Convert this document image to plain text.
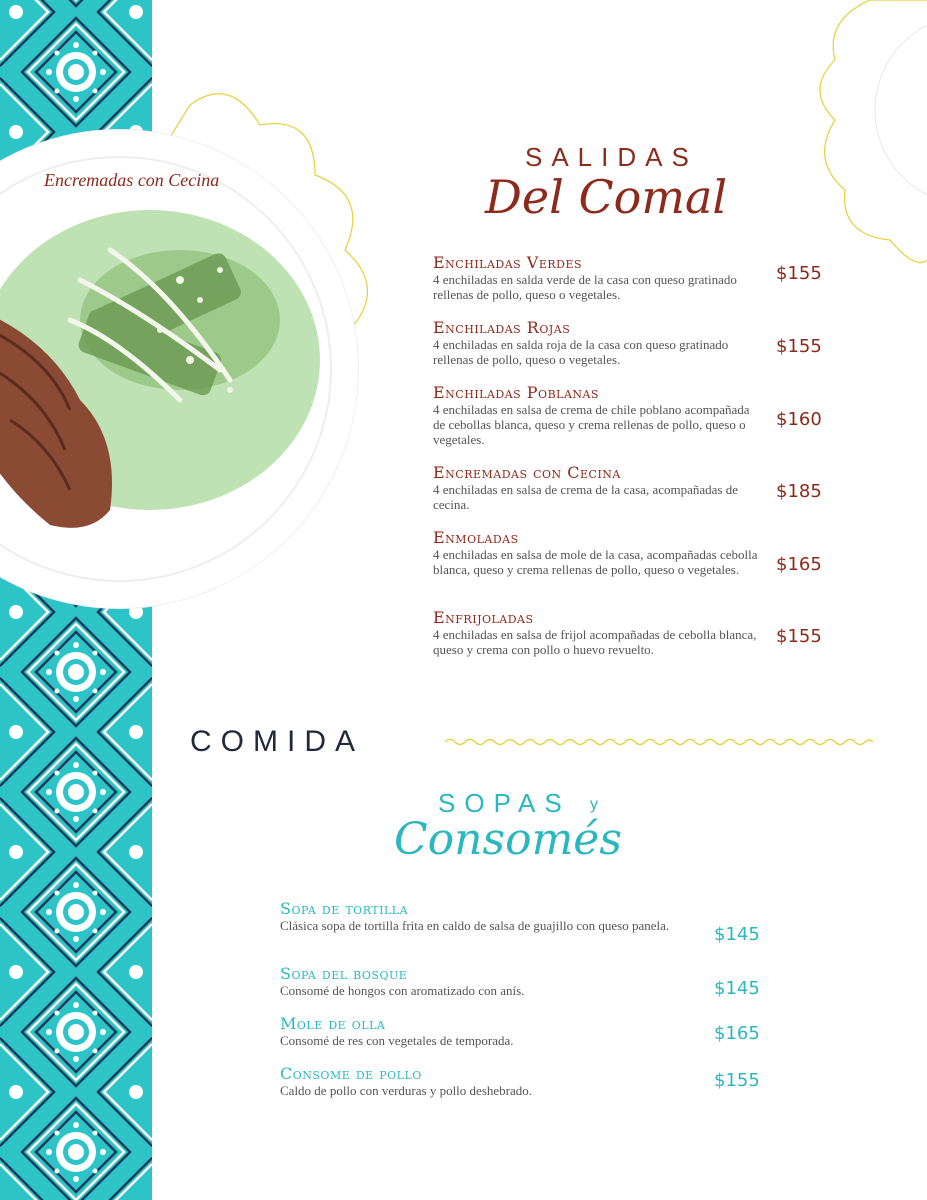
Encremadas con Cecina
SALIDAS
Del Comal
Enchiladas Verdes
4 enchiladas en salda verde de la casa con queso gratinado rellenas de pollo, queso o vegetales.
$155
Enchiladas Rojas
4 enchiladas en salda roja de la casa con queso gratinado rellenas de pollo, queso o vegetales.
$155
Enchiladas Poblanas
4 enchiladas en salsa de crema de chile poblano acompañada de cebollas blanca, queso y crema rellenas de pollo, queso o vegetales.
$160
Encremadas con Cecina
4 enchiladas en salsa de crema de la casa, acompañadas de cecina.
$185
Enmoladas
4 enchiladas en salsa de mole de la casa, acompañadas cebolla blanca, queso y crema rellenas de pollo, queso o vegetales.	$165
Enfrijoladas
4 enchiladas en salsa de frijol acompañadas de cebolla blanca, queso y crema con pollo o huevo revuelto.
$155
COMIDA
SOPAS y
Consomés
Sopa de tortilla
Clásica sopa de tortilla frita en caldo de salsa de guajillo con queso panela.	$145
Sopa del bosque
Consomé de hongos con aromatizado con anís.	$145
Mole de olla
Consomé de res con vegetales de temporada.	$165
Consome de pollo
Caldo de pollo con verduras y pollo deshebrado.	$155
